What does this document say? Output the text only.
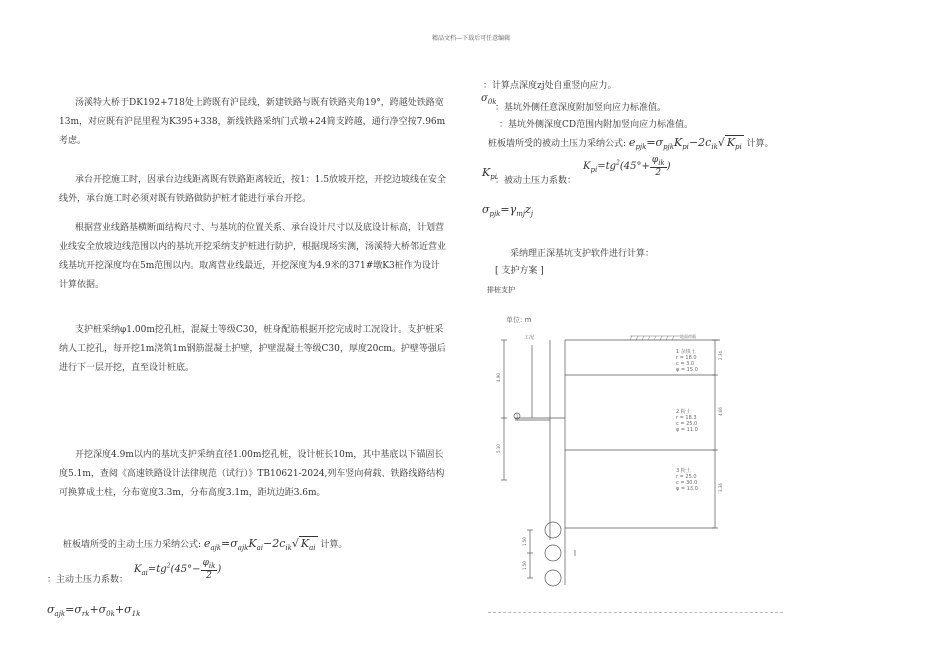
精品文档---下载后可任意编辑
汤溪特大桥于DK192+718处上跨既有沪昆线，新建铁路与既有铁路夹角19°，跨越处铁路宽13m，对应既有沪昆里程为K395+338，新线铁路采纳门式墩+24简支跨越，通行净空按7.96m考虑。
承台开挖施工时，因承台边线距离既有铁路距离较近，按1：1.5放坡开挖，开挖边坡线在安全线外，承台施工时必须对既有铁路做防护桩才能进行承台开挖。
根据营业线路基横断面结构尺寸、与基坑的位置关系、承台设计尺寸以及底设计标高，计划营业线安全放坡边线范围以内的基坑开挖采纳支护桩进行防护，根据现场实测，汤溪特大桥邻近营业线基坑开挖深度均在5m范围以内。取离营业线最近，开挖深度为4.9米的371#墩K3桩作为设计计算依据。
支护桩采纳φ1.00m挖孔桩，混凝土等级C30，桩身配筋根据开挖完成时工况设计。支护桩采纳人工挖孔，每开挖1m浇筑1m钢筋混凝土护壁，护壁混凝土等级C30，厚度20cm。护壁等强后进行下一层开挖，直至设计桩底。
开挖深度4.9m以内的基坑支护采纳直径1.00m挖孔桩，设计桩长10m，其中基底以下锚固长度5.1m，查阅《高速铁路设计法律规范（试行）》TB10621-2024,列车竖向荷载、铁路线路结构可换算成土柱，分布宽度3.3m，分布高度3.1m，距坑边距3.6m。
桩板墙所受的主动土压力采纳公式: $e_{ajk}=\sigma_{ajk}K_{ai}-2c_{ik}√$ $K_{ai}$ 计算。
$K_{ai}=tg^2(45^\circ- \frac{\varphi_{ik}}{2}$ )
：主动土压力系数：
$\sigma_{ajk}=\sigma_{rk}+\sigma_{0k}+\sigma_{1k}$
：计算点深度zj处自重竖向应力。
$\sigma_{0k}$
：基坑外侧任意深度附加竖向应力标准值。
：基坑外侧深度CD范围内附加竖向应力标准值。
桩板墙所受的被动土压力采纳公式: $e_{pjk}=\sigma_{pjk}K_{pi}-2c_{ik}√$ $K_{pi}$ 计算。
$K_{pi}$
$K_{pi}=tg^2(45^\circ+ \frac{\varphi_{ik}}{2}$ )
：被动土压力系数：
$\sigma_{pjk}=\gamma_{mj}z_j$
采纳理正深基坑支护软件进行计算：
[ 支护方案 ]
排桩支护
单位: m
地面荷载
工况
1
4.90
5.10
1.50
1.50
1 杂填土
r = 18.0
c = 3.0
φ = 15.0
2 粉土
r = 18.3
c = 25.0
φ = 11.0
3 粉土
r = 25.0
c = 30.0
φ = 13.0
2.34
4.66
3.36
